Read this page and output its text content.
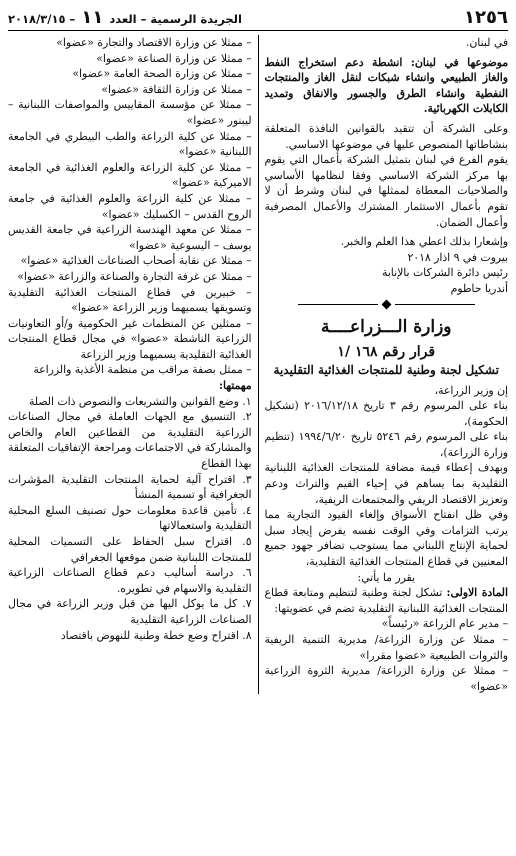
١٢٥٦
الجريدة الرسمية – العدد ١١ – ٢٠١٨/٣/١٥

في لبنان.

موضوعها في لبنان: انشطة دعم استخراج النفط والغاز الطبيعي وانشاء شبكات لنقل الغاز والمنتجات النفطية وانشاء الطرق والجسور والانفاق وتمديد الكابلات الكهربائية.

وعلى الشركة أن تتقيد بالقوانين النافذة المتعلقة بنشاطاتها المنصوص عليها في موضوعها الاساسي.

يقوم الفرع في لبنان بتمثيل الشركة بأعمال التي يقوم بها مركز الشركة الاساسي وفقا لنظامها الأساسي والصلاحيات المعطاة لممثلها في لبنان وشرط أن لا تقوم بأعمال الاستثمار المشترك والأعمال المصرفية وأعمال الضمان.

وإشعارا بذلك اعطي هذا العلم والخبر.

بيروت في ٩ اذار ٢٠١٨

رئيس دائرة الشركات بالإنابة

أندريا حاطوم

وزارة الـــزراعــــة
قرار رقم ١٦٨ /١
تشكيل لجنة وطنية للمنتجات الغذائية التقليدية

إن وزير الزراعة،

بناء على المرسوم رقم ٣ تاريخ ٢٠١٦/١٢/١٨ (تشكيل الحكومة)،

بناء على المرسوم رقم ٥٢٤٦ تاريخ ١٩٩٤/٦/٢٠ (تنظيم وزارة الزراعة)،

وبهدف إعطاء قيمة مضافة للمنتجات الغذائية اللبنانية التقليدية بما يساهم في إحياء القيم والتراث ودعم وتعزيز الاقتصاد الريفي والمجتمعات الريفية،

وفي ظل انفتاح الأسواق وإلغاء القيود التجارية مما يرتب التزامات وفي الوقت نفسه يفرض إيجاد سبل لحماية الإنتاج اللبناني مما يستوجب تضافر جهود جميع المعنيين في قطاع المنتجات الغذائية التقليدية،

يقرر ما يأتي:

المادة الاولى: تشكل لجنة وطنية لتنظيم ومتابعة قطاع المنتجات الغذائية اللبنانية التقليدية تضم في عضويتها:

– مدير عام الزراعة «رئيساً»

– ممثلا عن وزارة الزراعة/ مديرية التنمية الريفية والثروات الطبيعية «عضوا مقررا»

– ممثلا عن وزارة الزراعة/ مديرية الثروة الزراعية «عضوا»

– ممثلا عن وزارة الاقتصاد والتجارة «عضوا»

– ممثلا عن وزارة الصناعة «عضوا»

– ممثلا عن وزارة الصحة العامة «عضوا»

– ممثلا عن وزارة الثقافة «عضوا»

– ممثلا عن مؤسسة المقاييس والمواصفات اللبنانية – ليبنور «عضوا»

– ممثلا عن كلية الزراعة والطب البيطري في الجامعة اللبنانية «عضوا»

– ممثلا عن كلية الزراعة والعلوم الغذائية في الجامعة الاميركية «عضوا»

– ممثلا عن كلية الزراعة والعلوم الغذائية في جامعة الروح القدس – الكسليك «عضوا»

– ممثلا عن معهد الهندسة الزراعية في جامعة القديس يوسف – اليسوعية «عضوا»

– ممثلا عن نقابة أصحاب الصناعات الغذائية «عضوا»

– ممثلا عن غرفة التجارة والصناعة والزراعة «عضوا»

– خبيرين في قطاع المنتجات الغذائية التقليدية وتسويقها يسميهما وزير الزراعة «عضوا»

– ممثلين عن المنظمات غير الحكومية و/أو التعاونيات الزراعية الناشطة «عضوا» في مجال قطاع المنتجات الغذائية التقليدية يسميهما وزير الزراعة

– ممثل بصفة مراقب من منظمة الأغذية والزراعة

مهمتها:

١. وضع القوانين والتشريعات والنصوص ذات الصلة

٢. التنسيق مع الجهات العاملة في مجال الصناعات الزراعية التقليدية من القطاعين العام والخاص والمشاركة في الاجتماعات ومراجعة الإتفاقيات المتعلقة بهذا القطاع

٣. اقتراح آلية لحماية المنتجات التقليدية المؤشرات الجغرافية أو تسمية المنشأ

٤. تأمين قاعدة معلومات حول تصنيف السلع المحلية التقليدية واستعمالاتها

٥. اقتراح سبل الحفاظ على التسميات المحلية للمنتجات اللبنانية ضمن موقعها الجغرافي

٦. دراسة أساليب دعم قطاع الصناعات الزراعية التقليدية والاسهام في تطويره.

٧. كل ما يوكل اليها من قبل وزير الزراعة في مجال الصناعات الزراعية التقليدية

٨. اقتراح وضع خطة وطنية للنهوض باقتصاد
